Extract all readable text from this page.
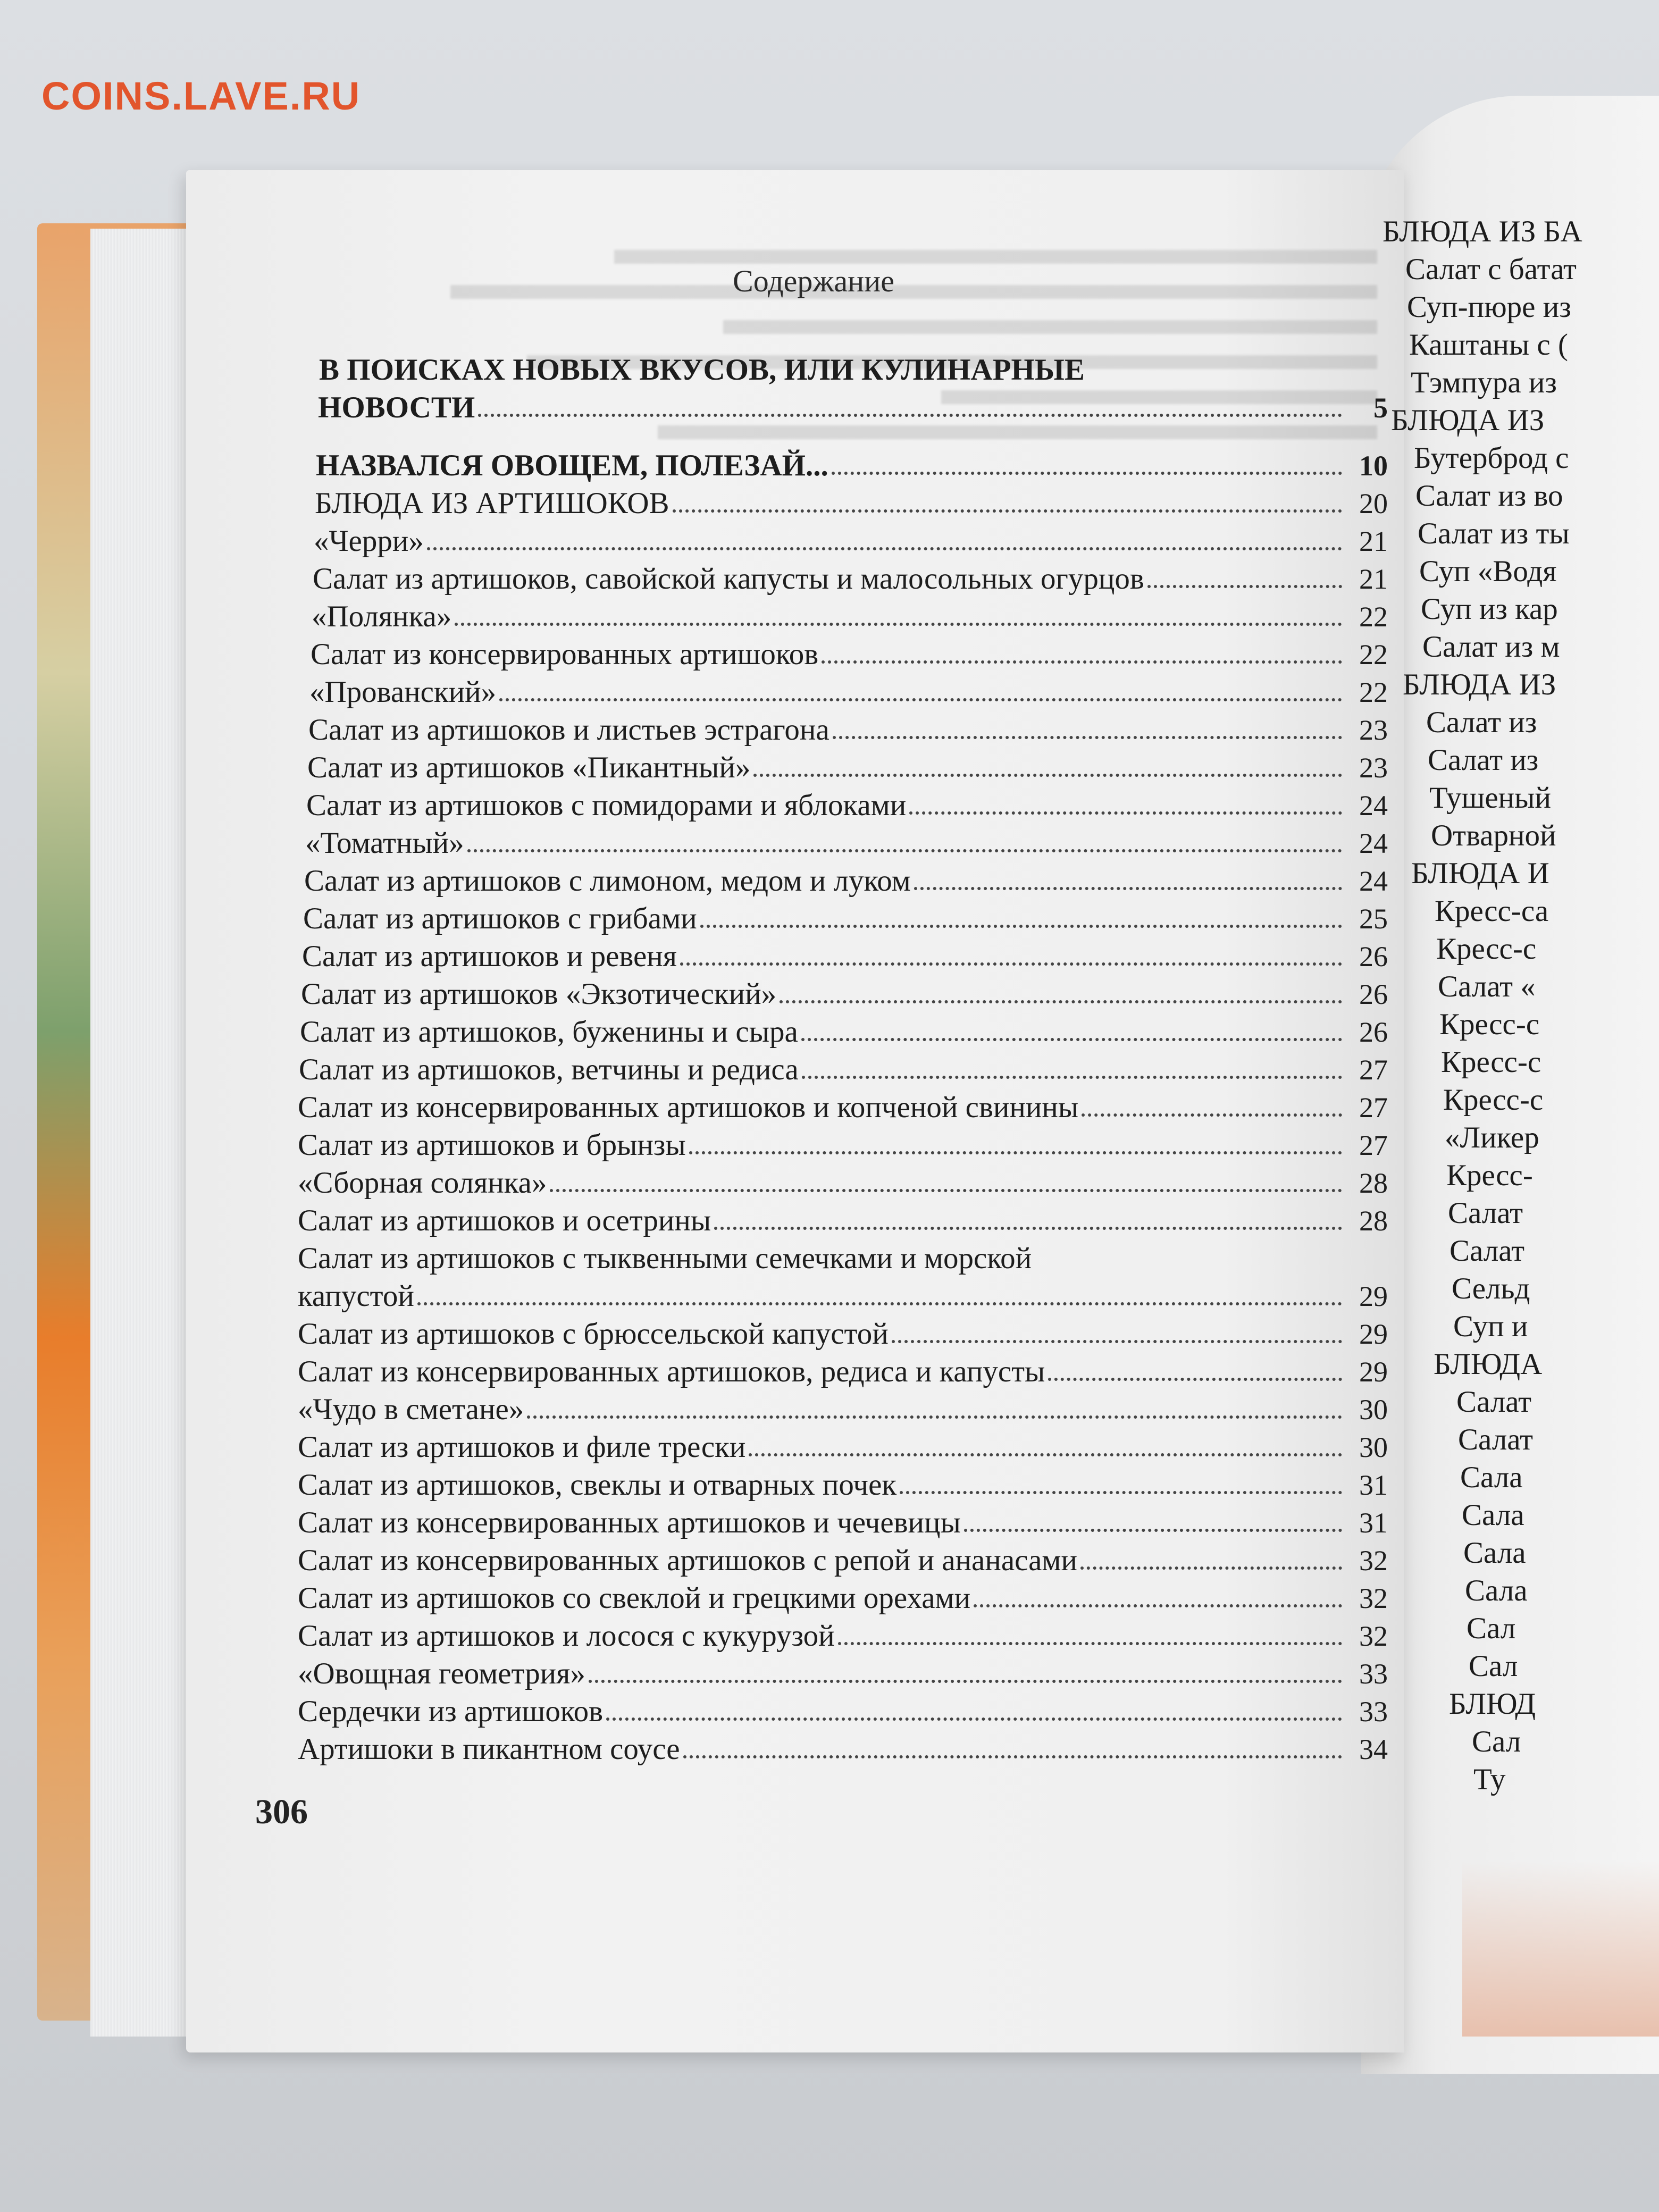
COINS.LAVE.RU
Содержание
В ПОИСКАХ НОВЫХ ВКУСОВ, ИЛИ КУЛИНАРНЫЕ
НОВОСТИ	5
НАЗВАЛСЯ ОВОЩЕМ, ПОЛЕЗАЙ...	10
БЛЮДА ИЗ АРТИШОКОВ	20
«Черри»	21
Салат из артишоков, савойской капусты и малосольных огурцов	21
«Полянка»	22
Салат из консервированных артишоков	22
«Прованский»	22
Салат из артишоков и листьев эстрагона	23
Салат из артишоков «Пикантный»	23
Салат из артишоков с помидорами и яблоками	24
«Томатный»	24
Салат из артишоков с лимоном, медом и луком	24
Салат из артишоков с грибами	25
Салат из артишоков и ревеня	26
Салат из артишоков «Экзотический»	26
Салат из артишоков, буженины и сыра	26
Салат из артишоков, ветчины и редиса	27
Салат из консервированных артишоков и копченой свинины	27
Салат из артишоков и брынзы	27
«Сборная солянка»	28
Салат из артишоков и осетрины	28
Салат из артишоков с тыквенными семечками и морской
капустой	29
Салат из артишоков с брюссельской капустой	29
Салат из консервированных артишоков, редиса и капусты	29
«Чудо в сметане»	30
Салат из артишоков и филе трески	30
Салат из артишоков, свеклы и отварных почек	31
Салат из консервированных артишоков и чечевицы	31
Салат из консервированных артишоков с репой и ананасами	32
Салат из артишоков со свеклой и грецкими орехами	32
Салат из артишоков и лосося с кукурузой	32
«Овощная геометрия»	33
Сердечки из артишоков	33
Артишоки в пикантном соусе	34
306
БЛЮДА ИЗ БА
Салат с батат
Суп-пюре из
Каштаны с (
Тэмпура из
БЛЮДА ИЗ
Бутерброд с
Салат из во
Салат из ты
Суп «Водя
Суп из кар
Салат из м
БЛЮДА ИЗ
Салат из
Салат из
Тушеный
Отварной
БЛЮДА И
Кресс-са
Кресс-с
Салат «
Кресс-с
Кресс-с
Кресс-с
«Ликер
Кресс-
Салат
Салат
Сельд
Суп и
БЛЮДА
Салат
Салат
Сала
Сала
Сала
Сала
Сал
Сал
БЛЮД
Сал
Ту
